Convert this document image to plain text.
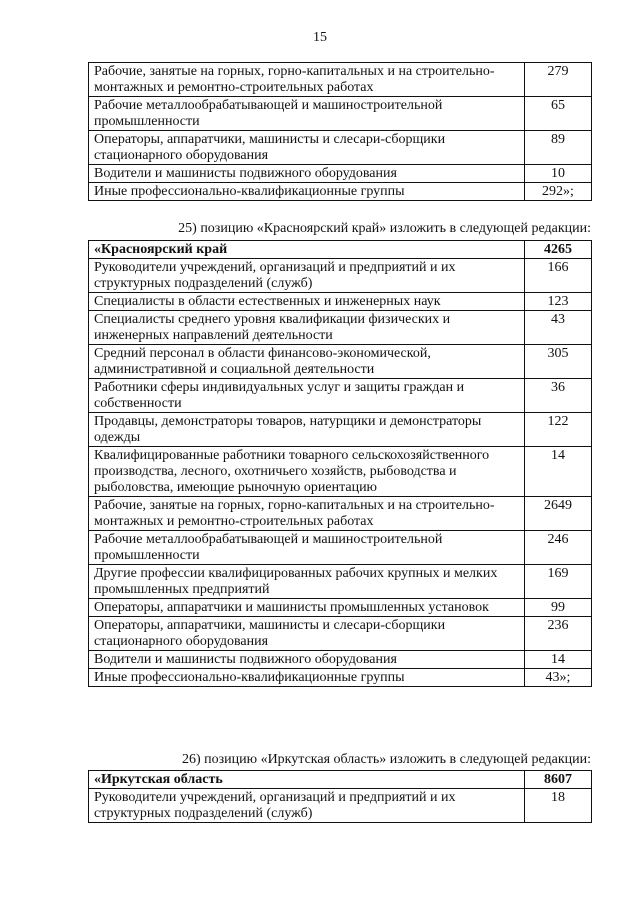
15
Рабочие, занятые на горных, горно-капитальных и на строительно-монтажных и ремонтно-строительных работах	279
Рабочие металлообрабатывающей и машиностроительной промышленности	65
Операторы, аппаратчики, машинисты и слесари-сборщики стационарного оборудования	89
Водители и машинисты подвижного оборудования	10
Иные профессионально-квалификационные группы	292»;
25) позицию «Красноярский край» изложить в следующей редакции:
«Красноярский край	4265
Руководители учреждений, организаций и предприятий и их структурных подразделений (служб)	166
Специалисты в области естественных и инженерных наук	123
Специалисты среднего уровня квалификации физических и инженерных направлений деятельности	43
Средний персонал в области финансово-экономической, административной и социальной деятельности	305
Работники сферы индивидуальных услуг и защиты граждан и собственности	36
Продавцы, демонстраторы товаров, натурщики и демонстраторы одежды	122
Квалифицированные работники товарного сельскохозяйственного производства, лесного, охотничьего хозяйств, рыбоводства и рыболовства, имеющие рыночную ориентацию	14
Рабочие, занятые на горных, горно-капитальных и на строительно-монтажных и ремонтно-строительных работах	2649
Рабочие металлообрабатывающей и машиностроительной промышленности	246
Другие профессии квалифицированных рабочих крупных и мелких промышленных предприятий	169
Операторы, аппаратчики и машинисты промышленных установок	99
Операторы, аппаратчики, машинисты и слесари-сборщики стационарного оборудования	236
Водители и машинисты подвижного оборудования	14
Иные профессионально-квалификационные группы	43»;
26) позицию «Иркутская область» изложить в следующей редакции:
«Иркутская область	8607
Руководители учреждений, организаций и предприятий и их структурных подразделений (служб)	18
